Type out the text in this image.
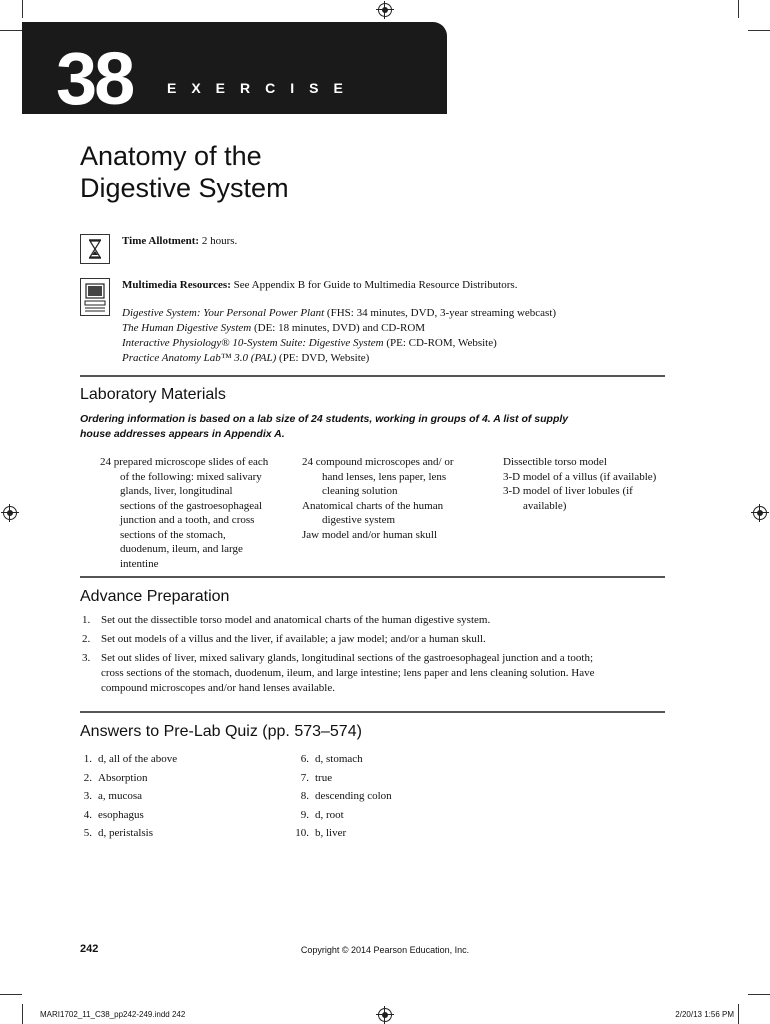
38 EXERCISE
Anatomy of the
Digestive System
Time Allotment: 2 hours.
Multimedia Resources: See Appendix B for Guide to Multimedia Resource Distributors.
Digestive System: Your Personal Power Plant (FHS: 34 minutes, DVD, 3-year streaming webcast)
The Human Digestive System (DE: 18 minutes, DVD) and CD-ROM
Interactive Physiology® 10-System Suite: Digestive System (PE: CD-ROM, Website)
Practice Anatomy Lab™ 3.0 (PAL) (PE: DVD, Website)
Laboratory Materials
Ordering information is based on a lab size of 24 students, working in groups of 4. A list of supply house addresses appears in Appendix A.

24 prepared microscope slides of each of the following: mixed salivary glands, liver, longitudinal sections of the gastroesophageal junction and a tooth, and cross sections of the stomach, duodenum, ileum, and large intentine

24 compound microscopes and/ or hand lenses, lens paper, lens cleaning solution

Anatomical charts of the human digestive system

Jaw model and/or human skull

Dissectible torso model

3-D model of a villus (if available)

3-D model of liver lobules (if available)

Advance Preparation
1. Set out the dissectible torso model and anatomical charts of the human digestive system.
2. Set out models of a villus and the liver, if available; a jaw model; and/or a human skull.
3. Set out slides of liver, mixed salivary glands, longitudinal sections of the gastroesophageal junction and a tooth; cross sections of the stomach, duodenum, ileum, and large intestine; lens paper and lens cleaning solution. Have compound microscopes and/or hand lenses available.
Answers to Pre-Lab Quiz (pp. 573–574)
1. d, all of the above
2. Absorption
3. a, mucosa
4. esophagus
5. d, peristalsis
6. d, stomach
7. true
8. descending colon
9. d, root
10. b, liver
242	Copyright © 2014 Pearson Education, Inc.
MARI1702_11_C38_pp242-249.indd 242	2/20/13 1:56 PM
